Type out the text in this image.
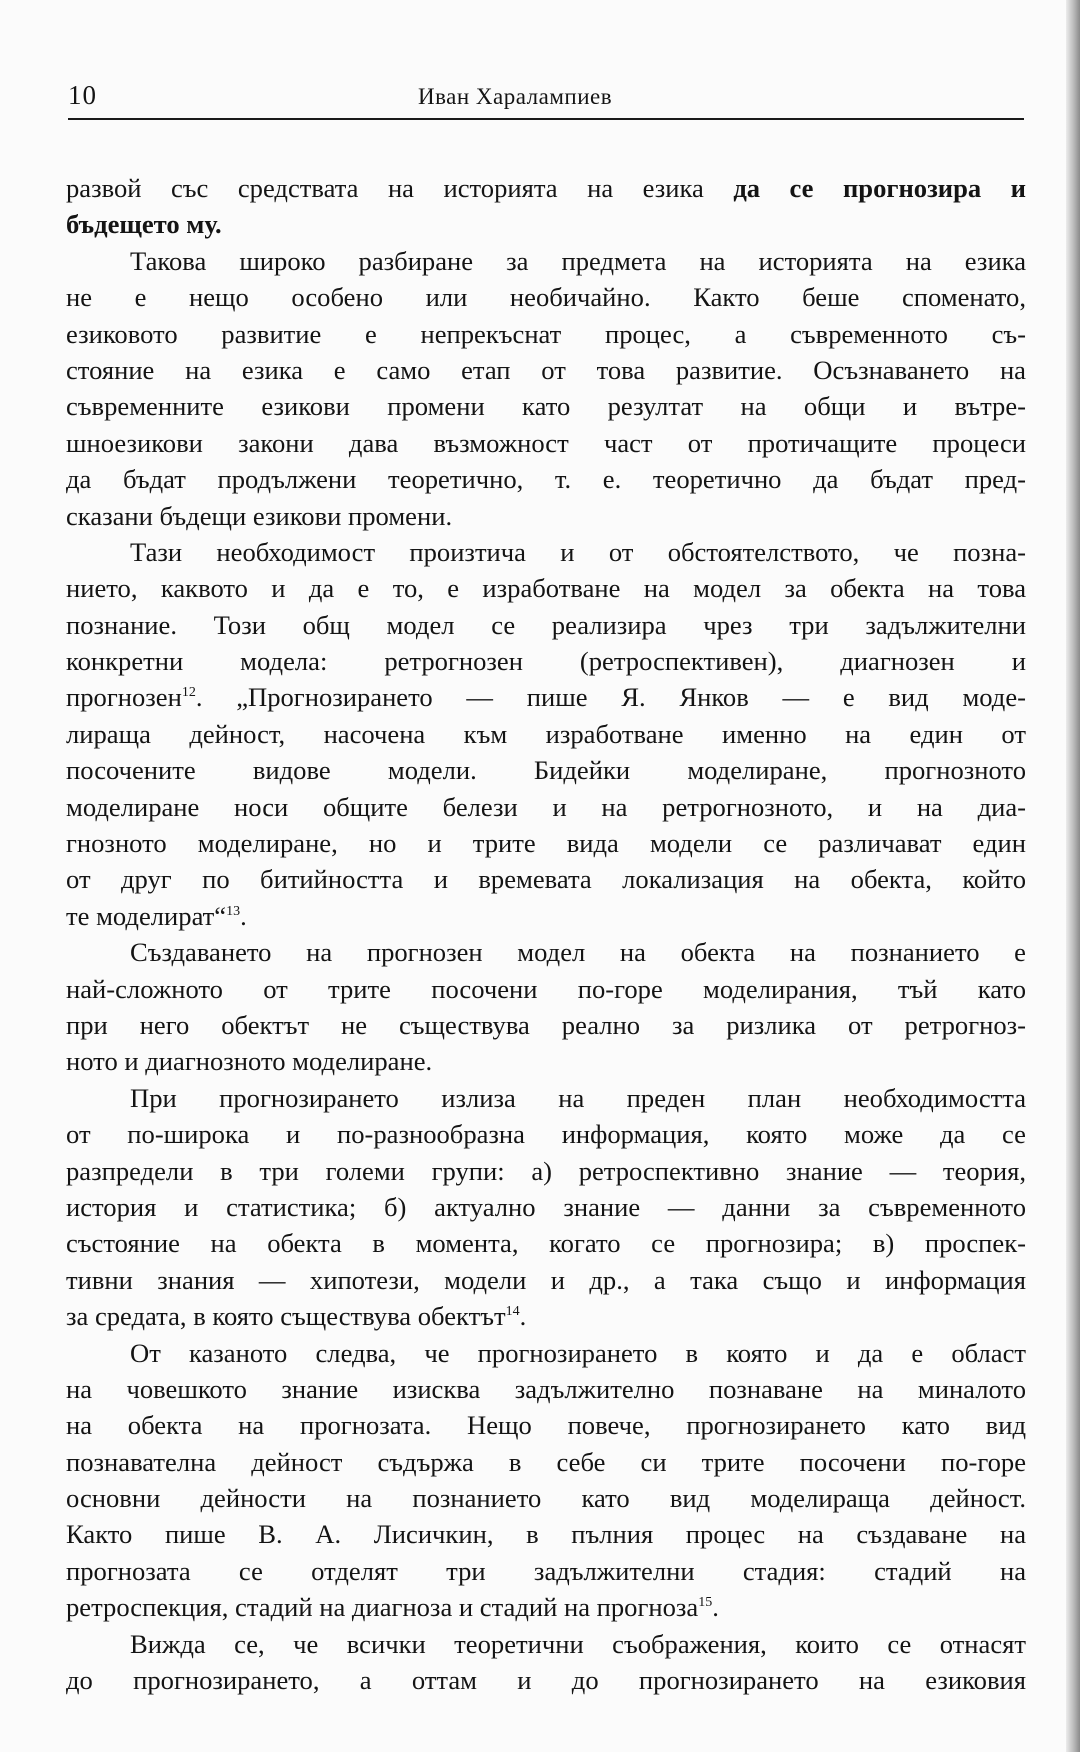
10	Иван Харалампиев
развой със средствата на историята на езика да се прогнозира и
бъдещето му.
Такова широко разбиране за предмета на историята на езика
не е нещо особено или необичайно. Както беше споменато,
езиковото развитие е непрекъснат процес, а съвременното съ-
стояние на езика е само етап от това развитие. Осъзнаването на
съвременните езикови промени като резултат на общи и вътре-
шноезикови закони дава възможност част от протичащите процеси
да бъдат продължени теоретично, т. е. теоретично да бъдат пред-
сказани бъдещи езикови промени.
Тази необходимост произтича и от обстоятелството, че позна-
нието, каквото и да е то, е изработване на модел за обекта на това
познание. Този общ модел се реализира чрез три задължителни
конкретни модела: ретрогнозен (ретроспективен), диагнозен и
прогнозен$^{12}$. „Прогнозирането — пише Я. Янков — е вид моде-
лираща дейност, насочена към изработване именно на един от
посочените видове модели. Бидейки моделиране, прогнозното
моделиране носи общите белези и на ретрогнозното, и на диа-
гнозното моделиране, но и трите вида модели се различават един
от друг по битийността и времевата локализация на обекта, който
те моделират“$^{13}$.
Създаването на прогнозен модел на обекта на познанието е
най-сложното от трите посочени по-горе моделирания, тъй като
при него обектът не съществува реално за ризлика от ретрогноз-
ното и диагнозното моделиране.
При прогнозирането излиза на преден план необходимостта
от по-широка и по-разнообразна информация, която може да се
разпредели в три големи групи: а) ретроспективно знание — теория,
история и статистика; б) актуално знание — данни за съвременното
състояние на обекта в момента, когато се прогнозира; в) проспек-
тивни знания — хипотези, модели и др., а така също и информация
за средата, в която съществува обектът$^{14}$.
От казаното следва, че прогнозирането в която и да е област
на човешкото знание изисква задължително познаване на миналото
на обекта на прогнозата. Нещо повече, прогнозирането като вид
познавателна дейност съдържа в себе си трите посочени по-горе
основни дейности на познанието като вид моделираща дейност.
Както пише В. А. Лисичкин, в пълния процес на създаване на
прогнозата се отделят три задължителни стадия: стадий на
ретроспекция, стадий на диагноза и стадий на прогноза$^{15}$.
Вижда се, че всички теоретични съображения, които се отнасят
до прогнозирането, а оттам и до прогнозирането на езиковия
